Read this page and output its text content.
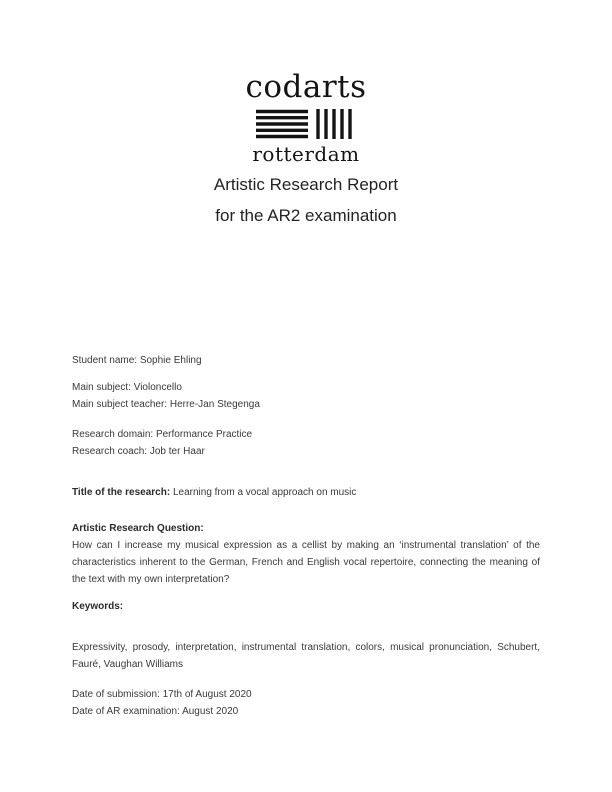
codarts
rotterdam
Artistic Research Report
for the AR2 examination

Student name: Sophie Ehling

Main subject: Violoncello

Main subject teacher: Herre-Jan Stegenga

Research domain: Performance Practice

Research coach: Job ter Haar

Title of the research: Learning from a vocal approach on music

Artistic Research Question:

How can I increase my musical expression as a cellist by making an ‘instrumental translation’ of the characteristics inherent to the German, French and English vocal repertoire, connecting the meaning of the text with my own interpretation?

Keywords:

Expressivity, prosody, interpretation, instrumental translation, colors, musical pronunciation, Schubert, Fauré, Vaughan Williams

Date of submission: 17th of August 2020

Date of AR examination: August 2020
